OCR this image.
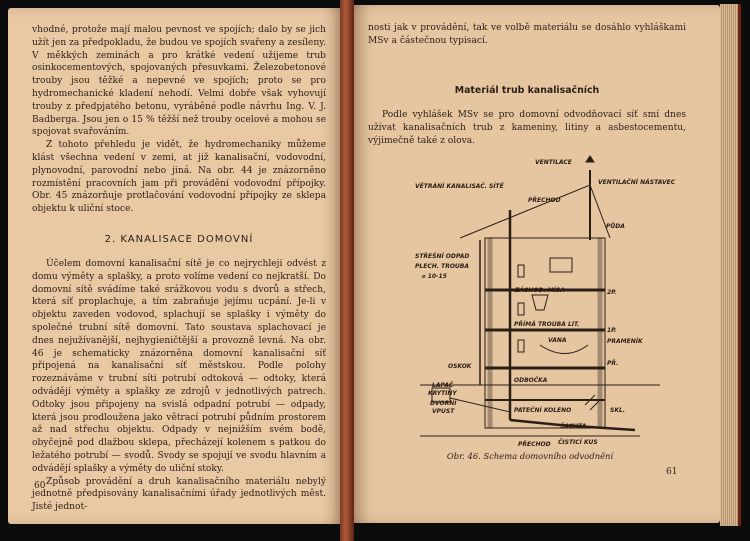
vhodné, protože mají malou pevnost ve spojích; dalo by se jich užít jen za předpokladu, že budou ve spojích svařeny a zesíleny. V měkkých zeminách a pro krátké vedení užijeme trub osinkocementových, spojovaných přesuvkami. Železobetonové trouby jsou těžké a nepevné ve spojích; proto se pro hydromechanické kladení nehodí. Velmi dobře však vyhovují trouby z předpjatého betonu, vyráběné podle návrhu Ing. V. J. Badberga. Jsou jen o 15 % těžší než trouby ocelové a mohou se spojovat svařováním.

Z tohoto přehledu je vidět, že hydromechaniky můžeme klást všechna vedení v zemi, at již kanalisační, vodovodní, plynovodní, parovodní nebo jiná. Na obr. 44 je znázorněno rozmístění pracovních jam při provádění vodovodní přípojky. Obr. 45 znázorňuje protlačování vodovodní přípojky ze sklepa objektu k uliční stoce.

2. KANALISACE DOMOVNÍ

Účelem domovní kanalisační sítě je co nejrychleji odvést z domu výměty a splašky, a proto volíme vedení co nejkratší. Do domovní sítě svádíme také srážkovou vodu s dvorů a střech, která síť proplachuje, a tím zabraňuje jejímu ucpání. Je-li v objektu zaveden vodovod, splachují se splašky i výměty do společné trubní sítě domovní. Tato soustava splachovací je dnes nejužívanější, nejhygieničtější a provozně levná. Na obr. 46 je schematicky znázorněna domovní kanalisační síť připojená na kanalisační síť městskou. Podle polohy rozeznáváme v trubní síti potrubí odtoková — odtoky, která odvádějí výměty a splašky ze zdrojů v jednotlivých patrech. Odtoky jsou připojeny na svislá odpadní potrubí — odpady, která jsou prodloužena jako větrací potrubí půdním prostorem až nad střechu objektu. Odpady v nejnižším svém bodě, obyčejně pod dlažbou sklepa, přecházejí kolenem s patkou do ležatého potrubí — svodů. Svody se spojují ve svodu hlavním a odvádějí splašky a výměty do uliční stoky.

Způsob provádění a druh kanalisačního materiálu nebylý jednotně předpisovány kanalisačními úřady jednotlivých měst. Jisté jednot-

60

nosti jak v provádění, tak ve volbě materiálu se dosáhlo vyhláškami MSv a částečnou typisací.

Materiál trub kanalisačních

Podle vyhlášek MSv se pro domovní odvodňovací síť smí dnes užívat kanalisačních trub z kameniny, litiny a asbestocementu, výjimečně také z olova.

VENTILACE
VĚTRÁNÍ KANALISAČ. SÍTĚ
PŘECHOD
VENTILAČNÍ NÁSTAVEC
PŮDA
STŘEŠNÍ ODPAD
PLECH. TROUBA
⌀ 10-15
ZÁCHOD. MÍSA	2P.
PŘÍMÁ TROUBA LIT.
VANA
1P.
PRAMENÍK
PŘ.
OSKOK
ODBOČKA
LAPAČ
KRYTINY
DVORNÍ
VPUST	PATEČNÍ KOLENO	SKL.
ŠACHTA
PŘECHOD ČISTICÍ KUS
Obr. 46. Schema domovního odvodnění
61
